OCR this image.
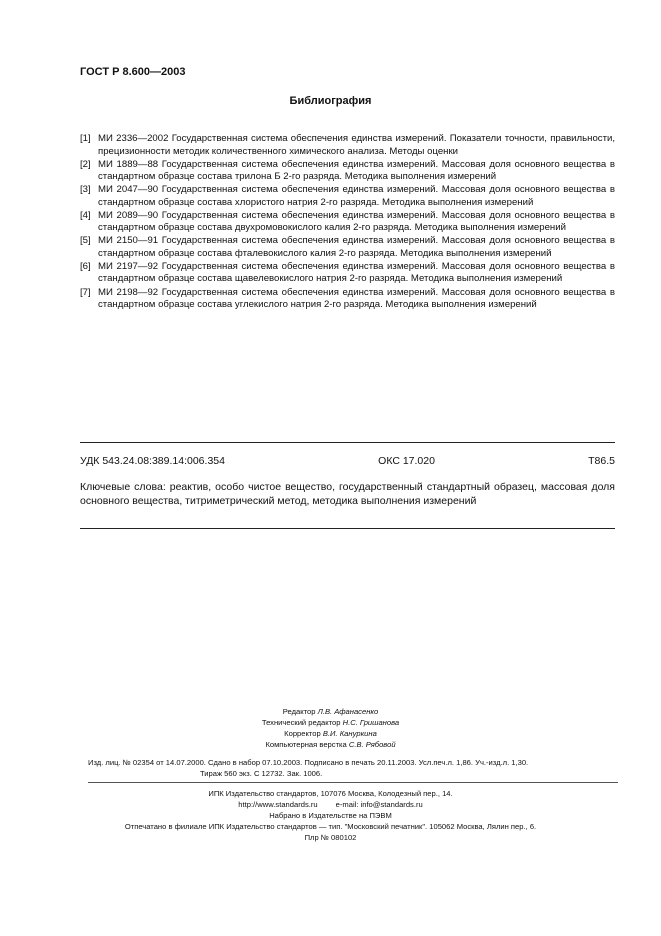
ГОСТ Р 8.600—2003
Библиография
[1] МИ 2336—2002 Государственная система обеспечения единства измерений. Показатели точности, правильности, прецизионности методик количественного химического анализа. Методы оценки
[2] МИ 1889—88 Государственная система обеспечения единства измерений. Массовая доля основного вещества в стандартном образце состава трилона Б 2-го разряда. Методика выполнения измерений
[3] МИ 2047—90 Государственная система обеспечения единства измерений. Массовая доля основного вещества в стандартном образце состава хлористого натрия 2-го разряда. Методика выполнения измерений
[4] МИ 2089—90 Государственная система обеспечения единства измерений. Массовая доля основного вещества в стандартном образце состава двухромовокислого калия 2-го разряда. Методика выполнения измерений
[5] МИ 2150—91 Государственная система обеспечения единства измерений. Массовая доля основного вещества в стандартном образце состава фталевокислого калия 2-го разряда. Методика выполнения измерений
[6] МИ 2197—92 Государственная система обеспечения единства измерений. Массовая доля основного вещества в стандартном образце состава щавелевокислого натрия 2-го разряда. Методика выполнения измерений
[7] МИ 2198—92 Государственная система обеспечения единства измерений. Массовая доля основного вещества в стандартном образце состава углекислого натрия 2-го разряда. Методика выполнения измерений
УДК 543.24.08:389.14:006.354	ОКС 17.020	Т86.5
Ключевые слова: реактив, особо чистое вещество, государственный стандартный образец, массовая доля основного вещества, титриметрический метод, методика выполнения измерений
Редактор Л.В. Афанасенко
Технический редактор Н.С. Гришанова
Корректор В.И. Кануркина
Компьютерная верстка С.В. Рябовой
Изд. лиц. № 02354 от 14.07.2000. Сдано в набор 07.10.2003. Подписано в печать 20.11.2003. Усл.печ.л. 1,86. Уч.-изд.л. 1,30.
Тираж 560 экз. С 12732. Зак. 1006.
ИПК Издательство стандартов, 107076 Москва, Колодезный пер., 14.
http://www.standards.ru e-mail: info@standards.ru
Набрано в Издательстве на ПЭВМ
Отпечатано в филиале ИПК Издательство стандартов — тип. "Московский печатник". 105062 Москва, Лялин пер., 6.
Плр № 080102
